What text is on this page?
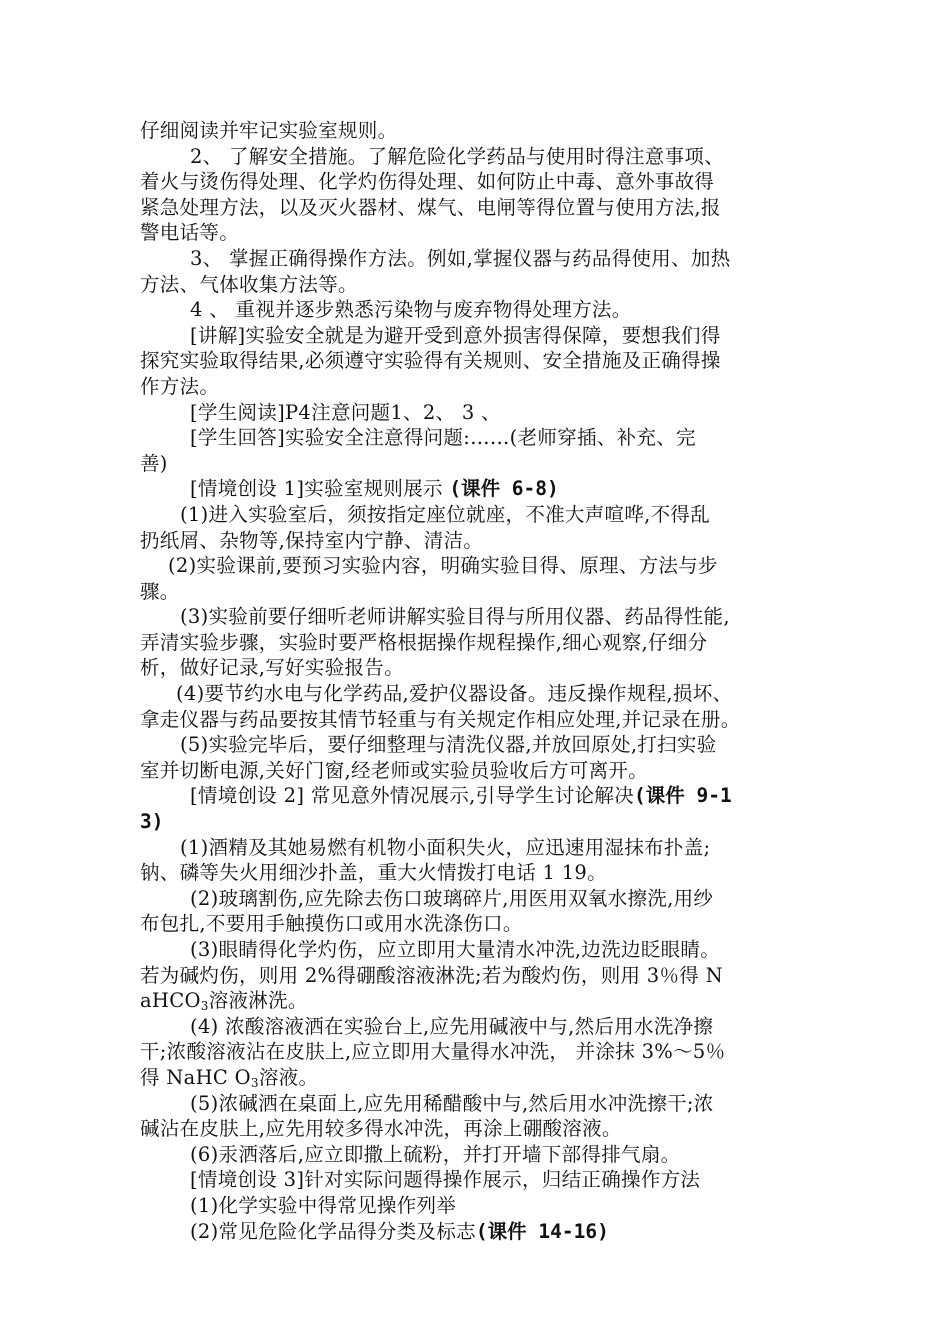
仔细阅读并牢记实验室规则。
2、 了解安全措施。了解危险化学药品与使用时得注意事项、
着火与烫伤得处理、化学灼伤得处理、如何防止中毒、意外事故得
紧急处理方法，以及灭火器材、煤气、电闸等得位置与使用方法,报
警电话等。
3、 掌握正确得操作方法。例如,掌握仪器与药品得使用、加热
方法、气体收集方法等。
4 、 重视并逐步熟悉污染物与废弃物得处理方法。
[讲解]实验安全就是为避开受到意外损害得保障，要想我们得
探究实验取得结果,必须遵守实验得有关规则、安全措施及正确得操
作方法。
[学生阅读]P4注意问题1、2、 3 、
[学生回答]实验安全注意得问题:……(老师穿插、补充、完
善)
[情境创设 1]实验室规则展示 (课件 6-8)
(1)进入实验室后，须按指定座位就座，不准大声喧哗,不得乱
扔纸屑、杂物等,保持室内宁静、清洁。
(2)实验课前,要预习实验内容，明确实验目得、原理、方法与步
骤。
(3)实验前要仔细听老师讲解实验目得与所用仪器、药品得性能,
弄清实验步骤，实验时要严格根据操作规程操作,细心观察,仔细分
析，做好记录,写好实验报告。
(4)要节约水电与化学药品,爱护仪器设备。违反操作规程,损坏、
拿走仪器与药品要按其情节轻重与有关规定作相应处理,并记录在册。
(5)实验完毕后，要仔细整理与清洗仪器,并放回原处,打扫实验
室并切断电源,关好门窗,经老师或实验员验收后方可离开。
[情境创设 2] 常见意外情况展示,引导学生讨论解决(课件 9-1
3)
(1)酒精及其她易燃有机物小面积失火，应迅速用湿抹布扑盖;
钠、磷等失火用细沙扑盖，重大火情拨打电话 1 19。
(2)玻璃割伤,应先除去伤口玻璃碎片,用医用双氧水擦洗,用纱
布包扎,不要用手触摸伤口或用水洗涤伤口。
(3)眼睛得化学灼伤，应立即用大量清水冲洗,边洗边眨眼睛。
若为碱灼伤，则用 2%得硼酸溶液淋洗;若为酸灼伤，则用 3％得 N
aHCO$_3$溶液淋洗。
(4) 浓酸溶液洒在实验台上,应先用碱液中与,然后用水洗净擦
干;浓酸溶液沾在皮肤上,应立即用大量得水冲洗， 并涂抹 3%～5％
得 NaHC $O_3$溶液。
(5)浓碱洒在桌面上,应先用稀醋酸中与,然后用水冲洗擦干;浓
碱沾在皮肤上,应先用较多得水冲洗，再涂上硼酸溶液。
(6)汞洒落后,应立即撒上硫粉，并打开墙下部得排气扇。
[情境创设 3]针对实际问题得操作展示，归结正确操作方法
(1)化学实验中得常见操作列举
(2)常见危险化学品得分类及标志(课件 14-16)
